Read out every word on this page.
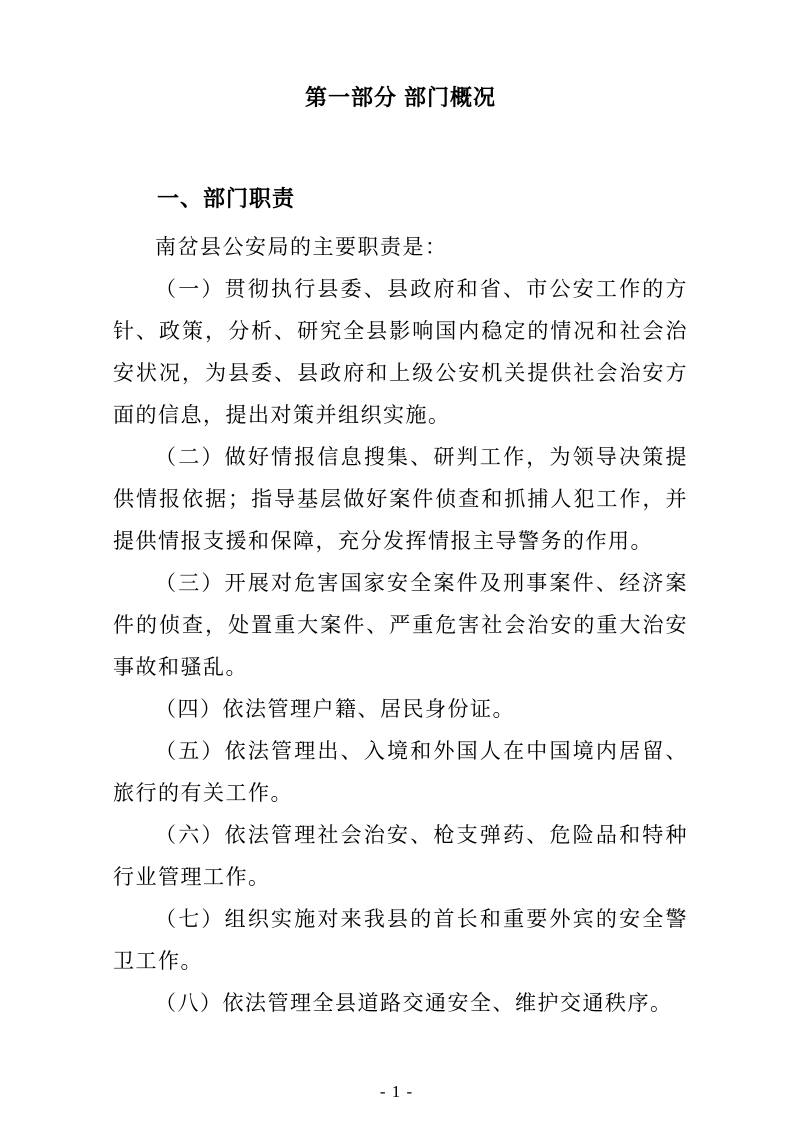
第一部分 部门概况
一、部门职责

南岔县公安局的主要职责是：

（一）贯彻执行县委、县政府和省、市公安工作的方针、政策，分析、研究全县影响国内稳定的情况和社会治安状况，为县委、县政府和上级公安机关提供社会治安方面的信息，提出对策并组织实施。

（二）做好情报信息搜集、研判工作，为领导决策提供情报依据；指导基层做好案件侦查和抓捕人犯工作，并提供情报支援和保障，充分发挥情报主导警务的作用。

（三）开展对危害国家安全案件及刑事案件、经济案件的侦查，处置重大案件、严重危害社会治安的重大治安事故和骚乱。

（四）依法管理户籍、居民身份证。

（五）依法管理出、入境和外国人在中国境内居留、旅行的有关工作。

（六）依法管理社会治安、枪支弹药、危险品和特种行业管理工作。

（七）组织实施对来我县的首长和重要外宾的安全警卫工作。

（八）依法管理全县道路交通安全、维护交通秩序。

- 1 -
